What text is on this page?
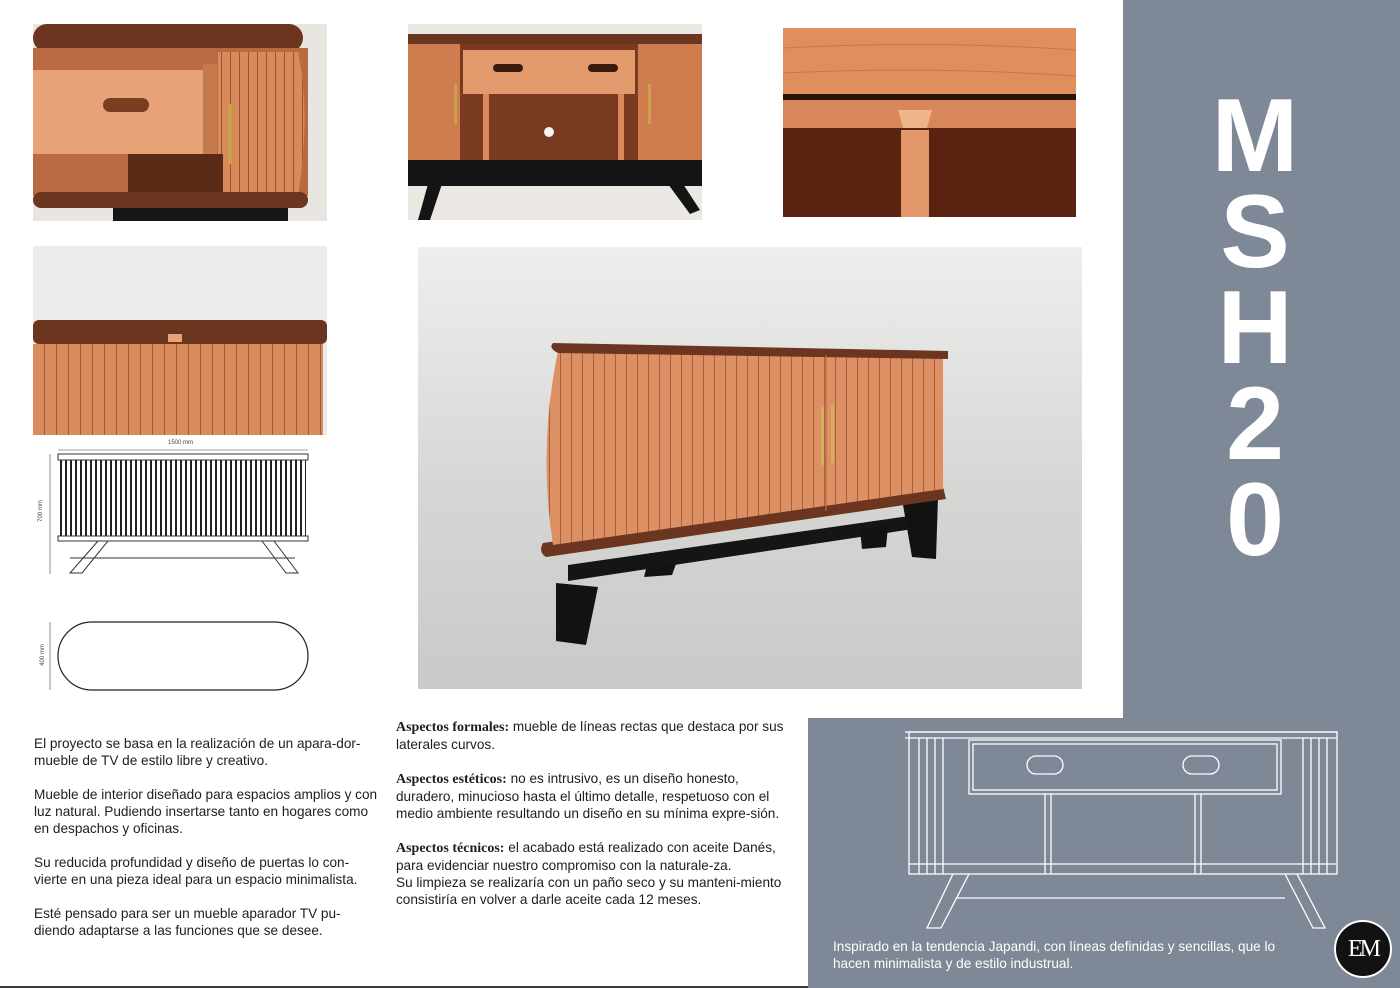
M
S
H
2
0
1500 mm
700 mm
400 mm

El proyecto se basa en la realización de un apara-dor-mueble de TV de estilo libre y creativo.

Mueble de interior diseñado para espacios amplios y con luz natural. Pudiendo insertarse tanto en hogares como en despachos y oficinas.

Su reducida profundidad y diseño de puertas lo con-vierte en una pieza ideal para un espacio minimalista.

Esté pensado para ser un mueble aparador TV pu-diendo adaptarse a las funciones que se desee.

Aspectos formales: mueble de líneas rectas que destaca por sus laterales curvos.

Aspectos estéticos: no es intrusivo, es un diseño honesto, duradero, minucioso hasta el último detalle, respetuoso con el medio ambiente resultando un diseño en su mínima expre-sión.

Aspectos técnicos: el acabado está realizado con aceite Danés, para evidenciar nuestro compromiso con la naturale-za.

Su limpieza se realizaría con un paño seco y su manteni-miento consistiría en volver a darle aceite cada 12 meses.

Inspirado en la tendencia Japandi, con líneas definidas y sencillas, que lo hacen minimalista y de estilo industrual.
EM
